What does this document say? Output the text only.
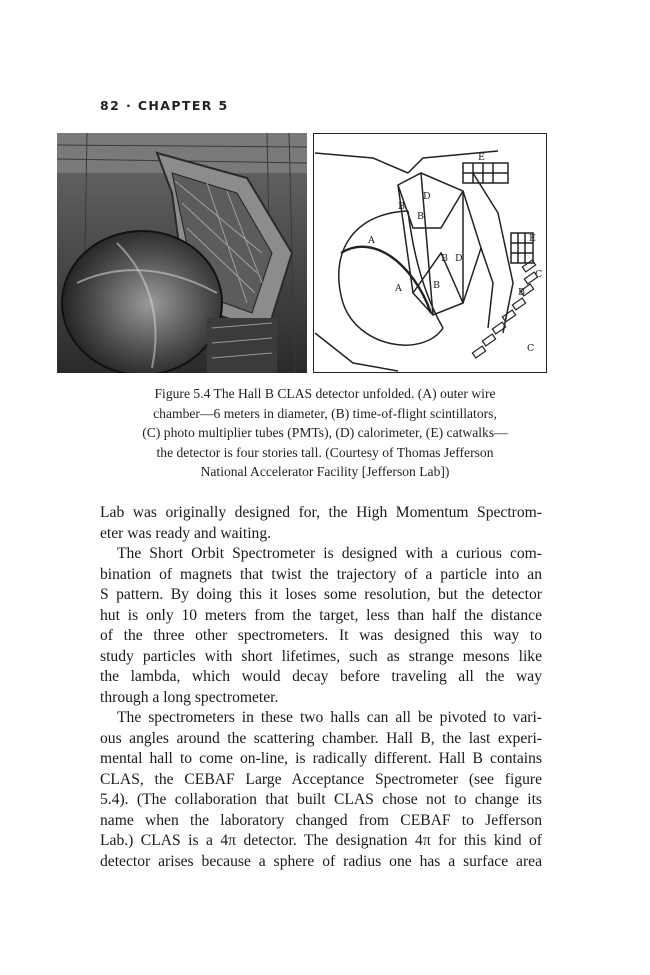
82 · CHAPTER 5
E
D
B
B
A	E
B D
C
A	B
B
C
Figure 5.4 The Hall B CLAS detector unfolded. (A) outer wire
chamber—6 meters in diameter, (B) time-of-flight scintillators,
(C) photo multiplier tubes (PMTs), (D) calorimeter, (E) catwalks—
the detector is four stories tall. (Courtesy of Thomas Jefferson
National Accelerator Facility [Jefferson Lab])
Lab was originally designed for, the High Momentum Spectrom-
eter was ready and waiting.
The Short Orbit Spectrometer is designed with a curious com-
bination of magnets that twist the trajectory of a particle into an
S pattern. By doing this it loses some resolution, but the detector
hut is only 10 meters from the target, less than half the distance
of the three other spectrometers. It was designed this way to
study particles with short lifetimes, such as strange mesons like
the lambda, which would decay before traveling all the way
through a long spectrometer.
The spectrometers in these two halls can all be pivoted to vari-
ous angles around the scattering chamber. Hall B, the last experi-
mental hall to come on-line, is radically different. Hall B contains
CLAS, the CEBAF Large Acceptance Spectrometer (see figure
5.4). (The collaboration that built CLAS chose not to change its
name when the laboratory changed from CEBAF to Jefferson
Lab.) CLAS is a 4π detector. The designation 4π for this kind of
detector arises because a sphere of radius one has a surface area
